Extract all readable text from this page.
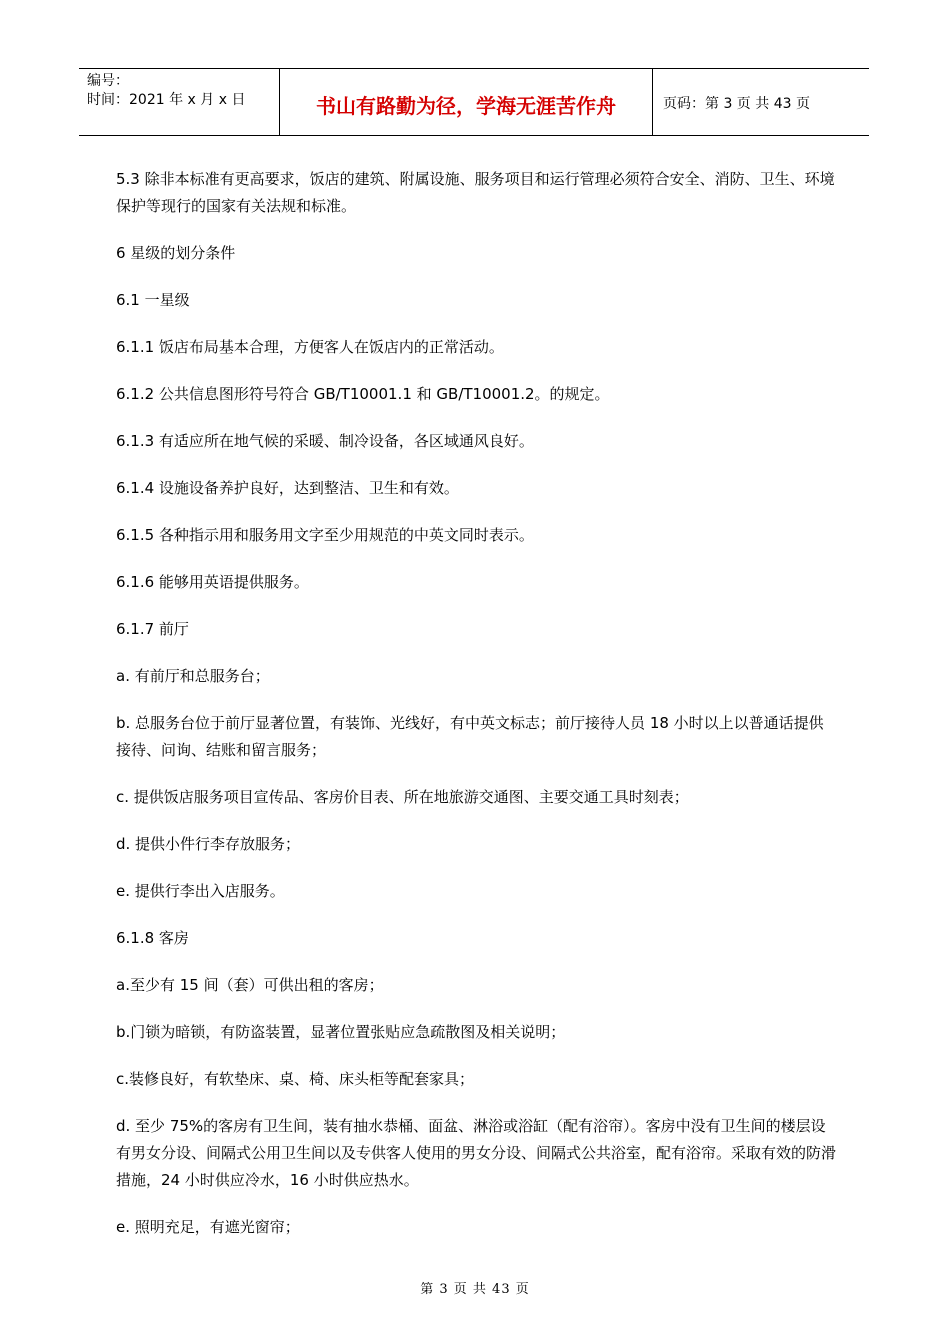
编号：
时间：2021 年 x 月 x 日	书山有路勤为径，学海无涯苦作舟	页码：第 3 页 共 43 页

5.3 除非本标准有更高要求，饭店的建筑、附属设施、服务项目和运行管理必须符合安全、消防、卫生、环境保护等现行的国家有关法规和标准。

6 星级的划分条件

6.1 一星级

6.1.1 饭店布局基本合理，方便客人在饭店内的正常活动。

6.1.2 公共信息图形符号符合 GB/T10001.1 和 GB/T10001.2。的规定。

6.1.3 有适应所在地气候的采暖、制冷设备，各区域通风良好。

6.1.4 设施设备养护良好，达到整洁、卫生和有效。

6.1.5 各种指示用和服务用文字至少用规范的中英文同时表示。

6.1.6 能够用英语提供服务。

6.1.7 前厅

a. 有前厅和总服务台；

b. 总服务台位于前厅显著位置，有装饰、光线好，有中英文标志；前厅接待人员 18 小时以上以普通话提供接待、问询、结账和留言服务；

c. 提供饭店服务项目宣传品、客房价目表、所在地旅游交通图、主要交通工具时刻表；

d. 提供小件行李存放服务；

e. 提供行李出入店服务。

6.1.8 客房

a.至少有 15 间（套）可供出租的客房；

b.门锁为暗锁，有防盗装置，显著位置张贴应急疏散图及相关说明；

c.装修良好，有软垫床、桌、椅、床头柜等配套家具；

d. 至少 75%的客房有卫生间，装有抽水恭桶、面盆、淋浴或浴缸（配有浴帘）。客房中没有卫生间的楼层设有男女分设、间隔式公用卫生间以及专供客人使用的男女分设、间隔式公共浴室，配有浴帘。采取有效的防滑措施，24 小时供应冷水，16 小时供应热水。

e. 照明充足，有遮光窗帘；

第 3 页 共 43 页
